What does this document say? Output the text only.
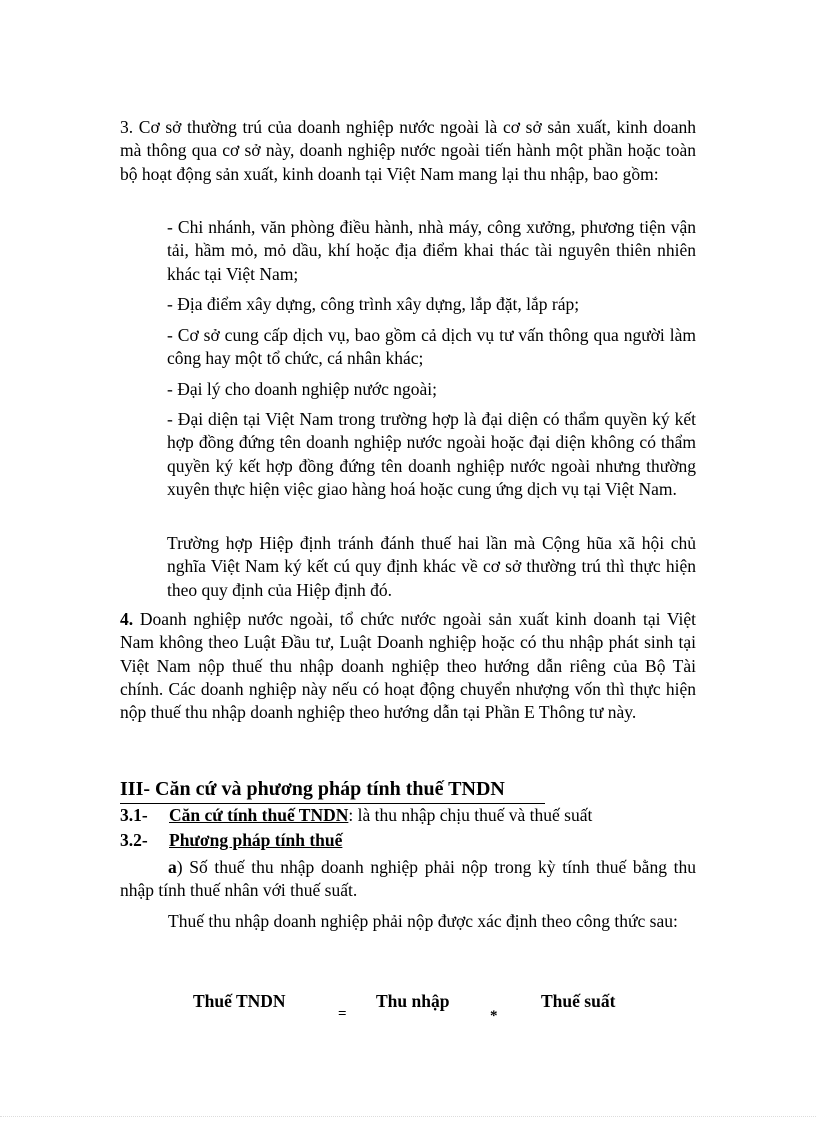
3. Cơ sở thường trú của doanh nghiệp nước ngoài là cơ sở sản xuất, kinh doanh mà thông qua cơ sở này, doanh nghiệp nước ngoài tiến hành một phần hoặc toàn bộ hoạt động sản xuất, kinh doanh tại Việt Nam mang lại thu nhập, bao gồm:

- Chi nhánh, văn phòng điều hành, nhà máy, công xưởng, phương tiện vận tải, hầm mỏ, mỏ dầu, khí hoặc địa điểm khai thác tài nguyên thiên nhiên khác tại Việt Nam;

- Địa điểm xây dựng, công trình xây dựng, lắp đặt, lắp ráp;

- Cơ sở cung cấp dịch vụ, bao gồm cả dịch vụ tư vấn thông qua người làm công hay một tổ chức, cá nhân khác;

- Đại lý cho doanh nghiệp nước ngoài;

- Đại diện tại Việt Nam trong trường hợp là đại diện có thẩm quyền ký kết hợp đồng đứng tên doanh nghiệp nước ngoài hoặc đại diện không có thẩm quyền ký kết hợp đồng đứng tên doanh nghiệp nước ngoài nhưng thường xuyên thực hiện việc giao hàng hoá hoặc cung ứng dịch vụ tại Việt Nam.

Trường hợp Hiệp định tránh đánh thuế hai lần mà Cộng hũa xã hội chủ nghĩa Việt Nam ký kết cú quy định khác về cơ sở thường trú thì thực hiện theo quy định của Hiệp định đó.

4. Doanh nghiệp nước ngoài, tổ chức nước ngoài sản xuất kinh doanh tại Việt Nam không theo Luật Đầu tư, Luật Doanh nghiệp hoặc có thu nhập phát sinh tại Việt Nam nộp thuế thu nhập doanh nghiệp theo hướng dẫn riêng của Bộ Tài chính. Các doanh nghiệp này nếu có hoạt động chuyển nhượng vốn thì thực hiện nộp thuế thu nhập doanh nghiệp theo hướng dẫn tại Phần E Thông tư này.

III- Căn cứ và phương pháp tính thuế TNDN
3.1- Căn cứ tính thuế TNDN: là thu nhập chịu thuế và thuế suất
3.2- Phương pháp tính thuế

a) Số thuế thu nhập doanh nghiệp phải nộp trong kỳ tính thuế bằng thu nhập tính thuế nhân với thuế suất.

Thuế thu nhập doanh nghiệp phải nộp được xác định theo công thức sau:

Thuế TNDN
=
Thu nhập
*
Thuế suất
